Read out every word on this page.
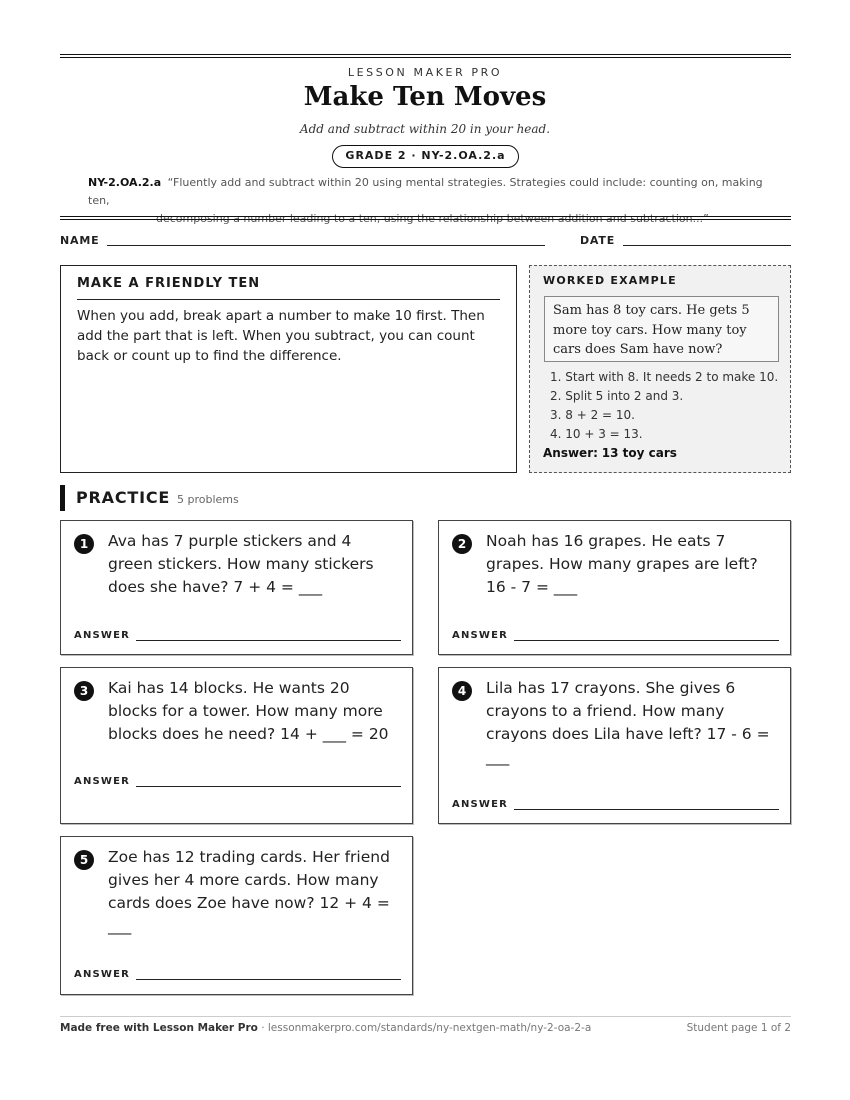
LESSON MAKER PRO
Make Ten Moves
Add and subtract within 20 in your head.
GRADE 2 · NY-2.OA.2.a
NY-2.OA.2.a “Fluently add and subtract within 20 using mental strategies. Strategies could include: counting on, making ten,
decomposing a number leading to a ten, using the relationship between addition and subtraction...”
NAME	DATE
MAKE A FRIENDLY TEN
When you add, break apart a number to make 10 first. Then add the part that is left. When you subtract, you can count back or count up to find the difference.
WORKED EXAMPLE
Sam has 8 toy cars. He gets 5 more toy cars. How many toy cars does Sam have now?
1. Start with 8. It needs 2 to make 10.
2. Split 5 into 2 and 3.
3. 8 + 2 = 10.
4. 10 + 3 = 13.
Answer: 13 toy cars
PRACTICE 5 problems
1	Ava has 7 purple stickers and 4 green stickers. How many stickers does she have? 7 + 4 = ___
ANSWER
2	Noah has 16 grapes. He eats 7 grapes. How many grapes are left? 16 - 7 = ___
ANSWER
3	Kai has 14 blocks. He wants 20 blocks for a tower. How many more blocks does he need? 14 + ___ = 20
ANSWER
4	Lila has 17 crayons. She gives 6 crayons to a friend. How many crayons does Lila have left? 17 - 6 = ___
ANSWER
5	Zoe has 12 trading cards. Her friend gives her 4 more cards. How many cards does Zoe have now? 12 + 4 = ___
ANSWER
Made free with Lesson Maker Pro · lessonmakerpro.com/standards/ny-nextgen-math/ny-2-oa-2-a	Student page 1 of 2
